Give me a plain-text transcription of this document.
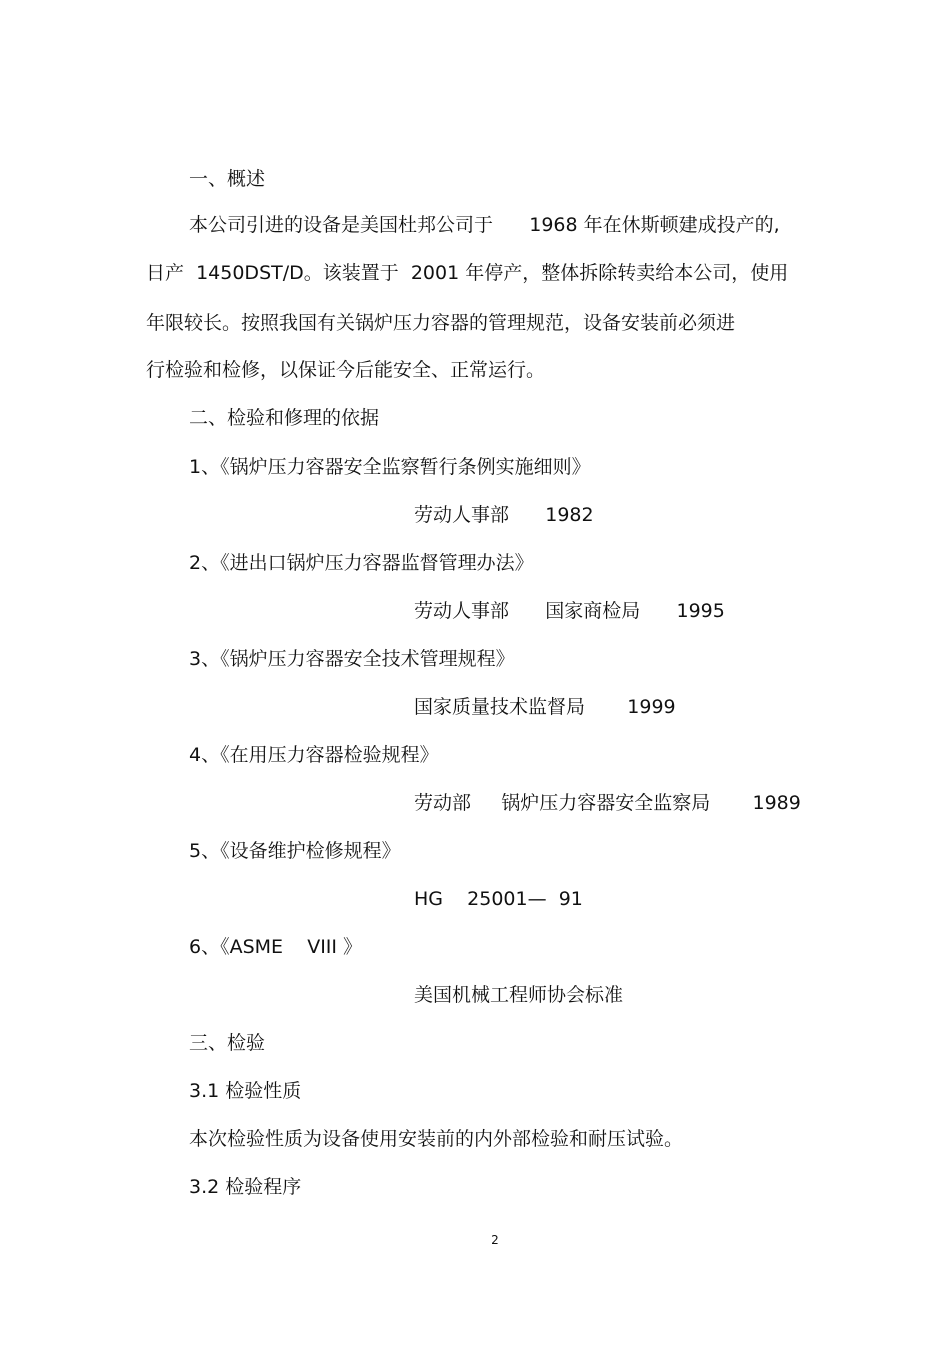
一、概述
本公司引进的设备是美国杜邦公司于      1968 年在休斯顿建成投产的,
日产  1450DST/D。该装置于  2001 年停产，整体拆除转卖给本公司，使用
年限较长。按照我国有关锅炉压力容器的管理规范，设备安装前必须进
行检验和检修，以保证今后能安全、正常运行。
二、检验和修理的依据
1、《锅炉压力容器安全监察暂行条例实施细则》
劳动人事部      1982
2、《进出口锅炉压力容器监督管理办法》
劳动人事部      国家商检局      1995
3、《锅炉压力容器安全技术管理规程》
国家质量技术监督局       1999
4、《在用压力容器检验规程》
劳动部     锅炉压力容器安全监察局       1989
5、《设备维护检修规程》
HG    25001—  91
6、《ASME    VIII 》
美国机械工程师协会标准
三、检验
3.1 检验性质
本次检验性质为设备使用安装前的内外部检验和耐压试验。
3.2 检验程序
2
